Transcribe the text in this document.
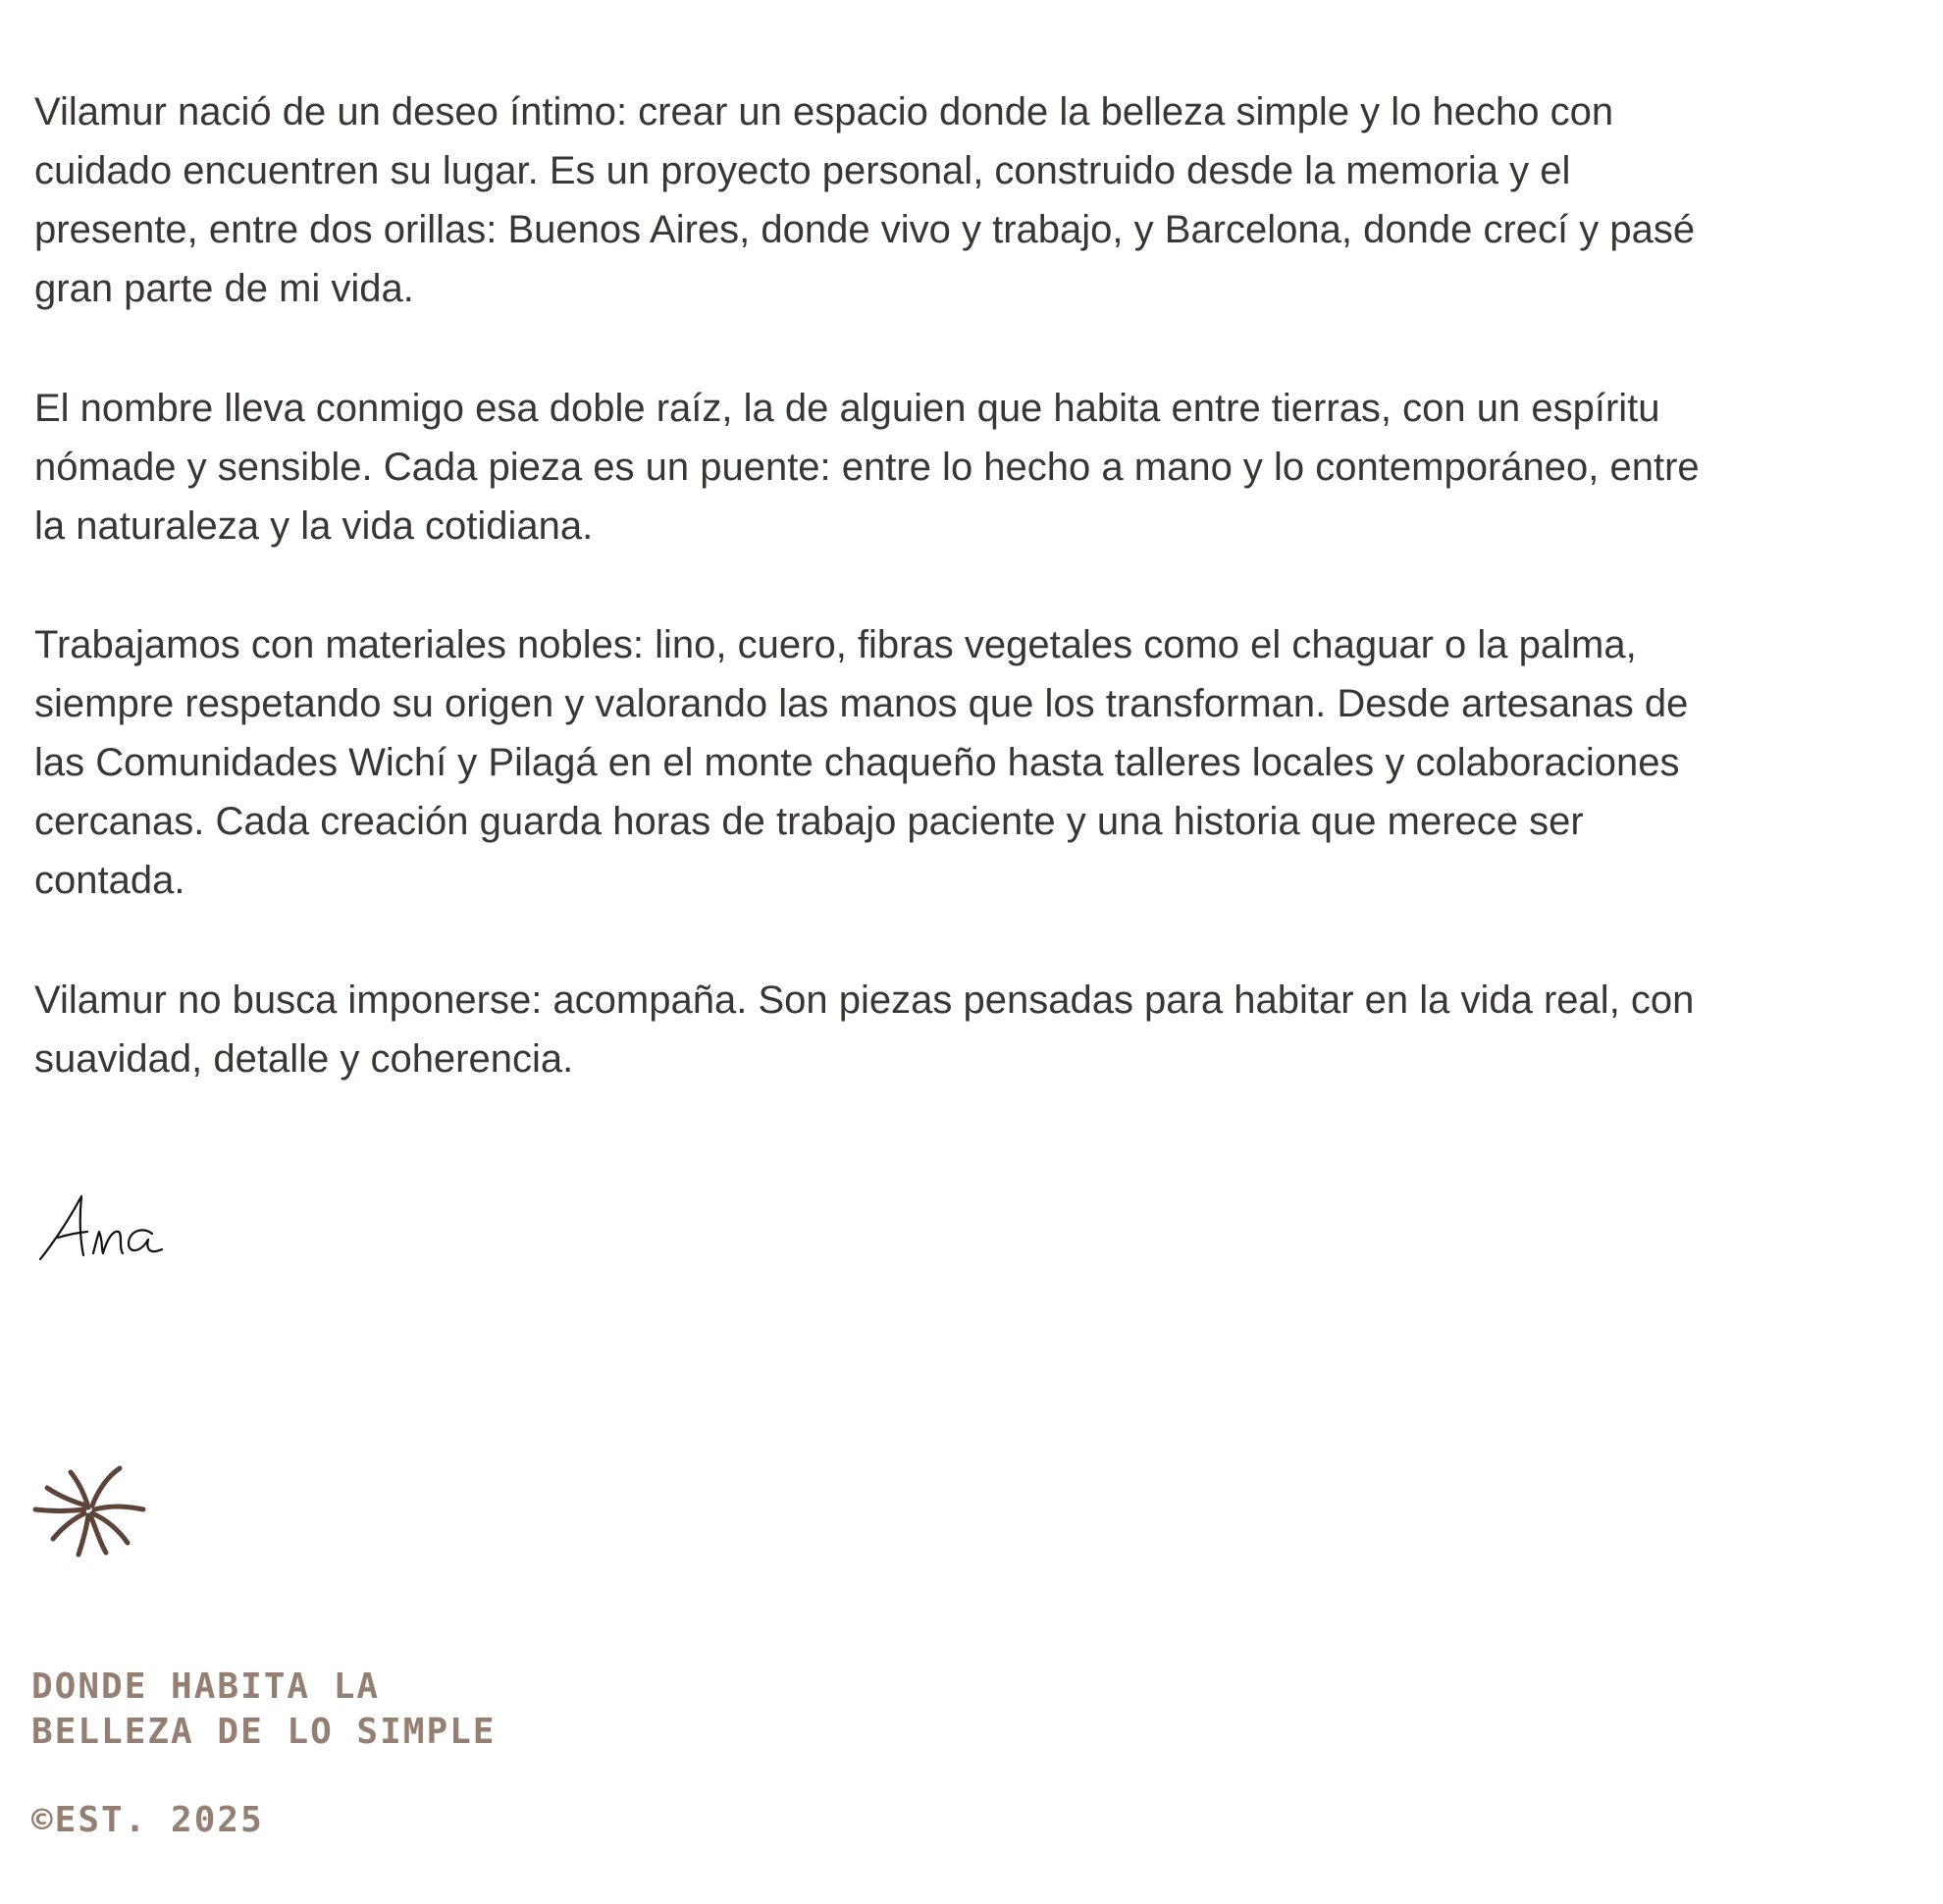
Vilamur nació de un deseo íntimo: crear un espacio donde la belleza simple y lo hecho con cuidado encuentren su lugar. Es un proyecto personal, construido desde la memoria y el presente, entre dos orillas: Buenos Aires, donde vivo y trabajo, y Barcelona, donde crecí y pasé gran parte de mi vida.

El nombre lleva conmigo esa doble raíz, la de alguien que habita entre tierras, con un espíritu nómade y sensible. Cada pieza es un puente: entre lo hecho a mano y lo contemporáneo, entre la naturaleza y la vida cotidiana.

Trabajamos con materiales nobles: lino, cuero, fibras vegetales como el chaguar o la palma, siempre respetando su origen y valorando las manos que los transforman. Desde artesanas de las Comunidades Wichí y Pilagá en el monte chaqueño hasta talleres locales y colaboraciones cercanas. Cada creación guarda horas de trabajo paciente y una historia que merece ser contada.

Vilamur no busca imponerse: acompaña. Son piezas pensadas para habitar en la vida real, con suavidad, detalle y coherencia.

DONDE HABITA LA
BELLEZA DE LO SIMPLE

©EST. 2025
